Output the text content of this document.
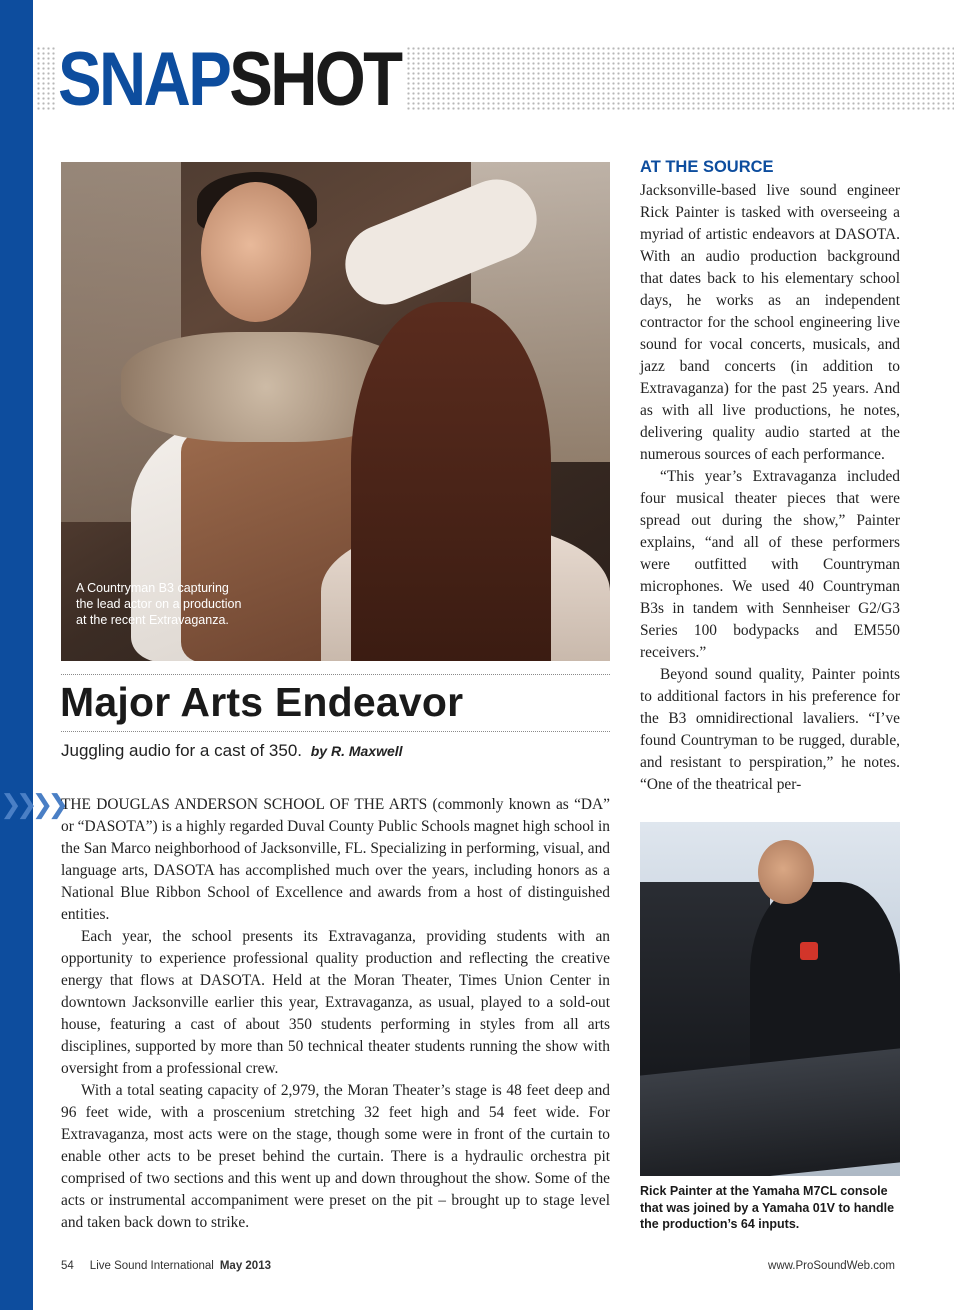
SNAPSHOT

A Countryman B3 capturing the lead actor on a production at the recent Extravaganza.

Major Arts Endeavor

Juggling audio for a cast of 350. by R. Maxwell

❯❯❯❯

THE DOUGLAS ANDERSON SCHOOL OF THE ARTS (commonly known as “DA” or “DASOTA”) is a highly regarded Duval County Public Schools magnet high school in the San Marco neighborhood of Jacksonville, FL. Specializing in performing, visual, and language arts, DASOTA has accomplished much over the years, including honors as a National Blue Ribbon School of Excellence and awards from a host of distinguished entities.

Each year, the school presents its Extravaganza, providing students with an opportunity to experience professional quality production and reflecting the creative energy that flows at DASOTA. Held at the Moran Theater, Times Union Center in downtown Jacksonville earlier this year, Extravaganza, as usual, played to a sold-out house, featuring a cast of about 350 students performing in styles from all arts disciplines, supported by more than 50 technical theater students running the show with oversight from a professional crew.

With a total seating capacity of 2,979, the Moran Theater’s stage is 48 feet deep and 96 feet wide, with a proscenium stretching 32 feet high and 54 feet wide. For Extravaganza, most acts were on the stage, though some were in front of the curtain to enable other acts to be preset behind the curtain. There is a hydraulic orchestra pit comprised of two sections and this went up and down throughout the show. Some of the acts or instrumental accompaniment were preset on the pit – brought up to stage level and taken back down to strike.

AT THE SOURCE

Jacksonville-based live sound engineer Rick Painter is tasked with overseeing a myriad of artistic endeavors at DASOTA. With an audio production background that dates back to his elementary school days, he works as an independent contractor for the school engineering live sound for vocal concerts, musicals, and jazz band concerts (in addition to Extravaganza) for the past 25 years. And as with all live productions, he notes, delivering quality audio started at the numerous sources of each performance.

“This year’s Extravaganza included four musical theater pieces that were spread out during the show,” Painter explains, “and all of these performers were outfitted with Countryman microphones. We used 40 Countryman B3s in tandem with Sennheiser G2/G3 Series 100 bodypacks and EM550 receivers.”

Beyond sound quality, Painter points to additional factors in his preference for the B3 omnidirectional lavaliers. “I’ve found Countryman to be rugged, durable, and resistant to perspiration,” he notes. “One of the theatrical per-

Rick Painter at the Yamaha M7CL console that was joined by a Yamaha 01V to handle the production’s 64 inputs.

54 Live Sound International May 2013	www.ProSoundWeb.com
